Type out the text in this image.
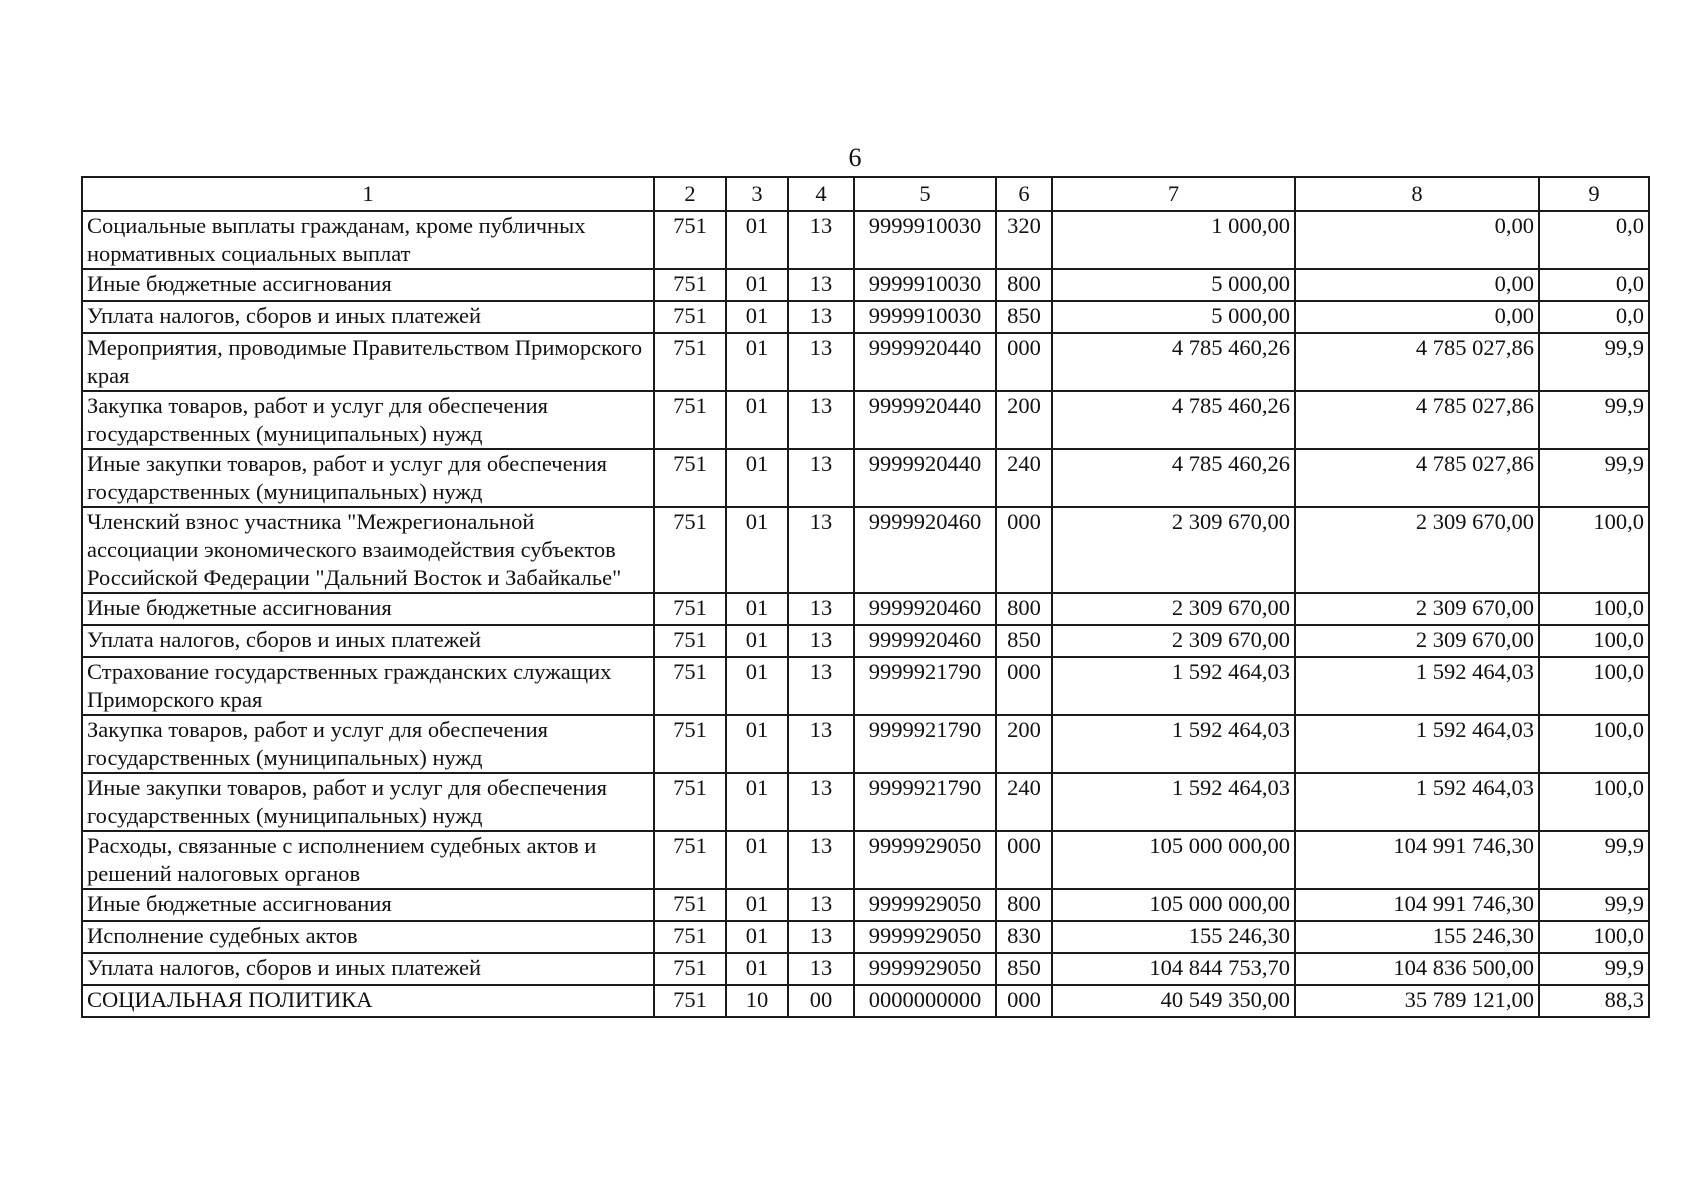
6
1	2	3	4	5	6	7	8	9
Социальные выплаты гражданам, кроме публичных нормативных социальных выплат	751	01	13	9999910030	320	1 000,00	0,00	0,0
Иные бюджетные ассигнования	751	01	13	9999910030	800	5 000,00	0,00	0,0
Уплата налогов, сборов и иных платежей	751	01	13	9999910030	850	5 000,00	0,00	0,0
Мероприятия, проводимые Правительством Приморского края	751	01	13	9999920440	000	4 785 460,26	4 785 027,86	99,9
Закупка товаров, работ и услуг для обеспечения государственных (муниципальных) нужд	751	01	13	9999920440	200	4 785 460,26	4 785 027,86	99,9
Иные закупки товаров, работ и услуг для обеспечения государственных (муниципальных) нужд	751	01	13	9999920440	240	4 785 460,26	4 785 027,86	99,9
Членский взнос участника "Межрегиональной ассоциации экономического взаимодействия субъектов Российской Федерации "Дальний Восток и Забайкалье"	751	01	13	9999920460	000	2 309 670,00	2 309 670,00	100,0
Иные бюджетные ассигнования	751	01	13	9999920460	800	2 309 670,00	2 309 670,00	100,0
Уплата налогов, сборов и иных платежей	751	01	13	9999920460	850	2 309 670,00	2 309 670,00	100,0
Страхование государственных гражданских служащих Приморского края	751	01	13	9999921790	000	1 592 464,03	1 592 464,03	100,0
Закупка товаров, работ и услуг для обеспечения государственных (муниципальных) нужд	751	01	13	9999921790	200	1 592 464,03	1 592 464,03	100,0
Иные закупки товаров, работ и услуг для обеспечения государственных (муниципальных) нужд	751	01	13	9999921790	240	1 592 464,03	1 592 464,03	100,0
Расходы, связанные с исполнением судебных актов и решений налоговых органов	751	01	13	9999929050	000	105 000 000,00	104 991 746,30	99,9
Иные бюджетные ассигнования	751	01	13	9999929050	800	105 000 000,00	104 991 746,30	99,9
Исполнение судебных актов	751	01	13	9999929050	830	155 246,30	155 246,30	100,0
Уплата налогов, сборов и иных платежей	751	01	13	9999929050	850	104 844 753,70	104 836 500,00	99,9
СОЦИАЛЬНАЯ ПОЛИТИКА	751	10	00	0000000000	000	40 549 350,00	35 789 121,00	88,3
